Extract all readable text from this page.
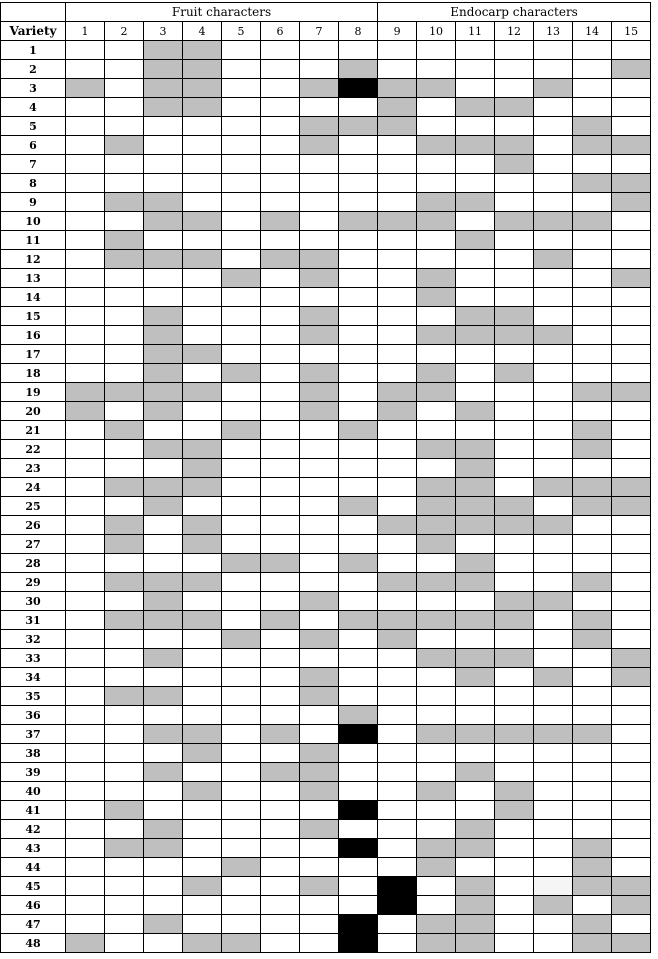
	Fruit characters								Endocarp characters						
Variety	1	2	3	4	5	6	7	8	9	10	11	12	13	14	15
1															
2															
3															
4															
5															
6															
7															
8															
9															
10															
11															
12															
13															
14															
15															
16															
17															
18															
19															
20															
21															
22															
23															
24															
25															
26															
27															
28															
29															
30															
31															
32															
33															
34															
35															
36															
37															
38															
39															
40															
41															
42															
43															
44															
45															
46															
47															
48															
